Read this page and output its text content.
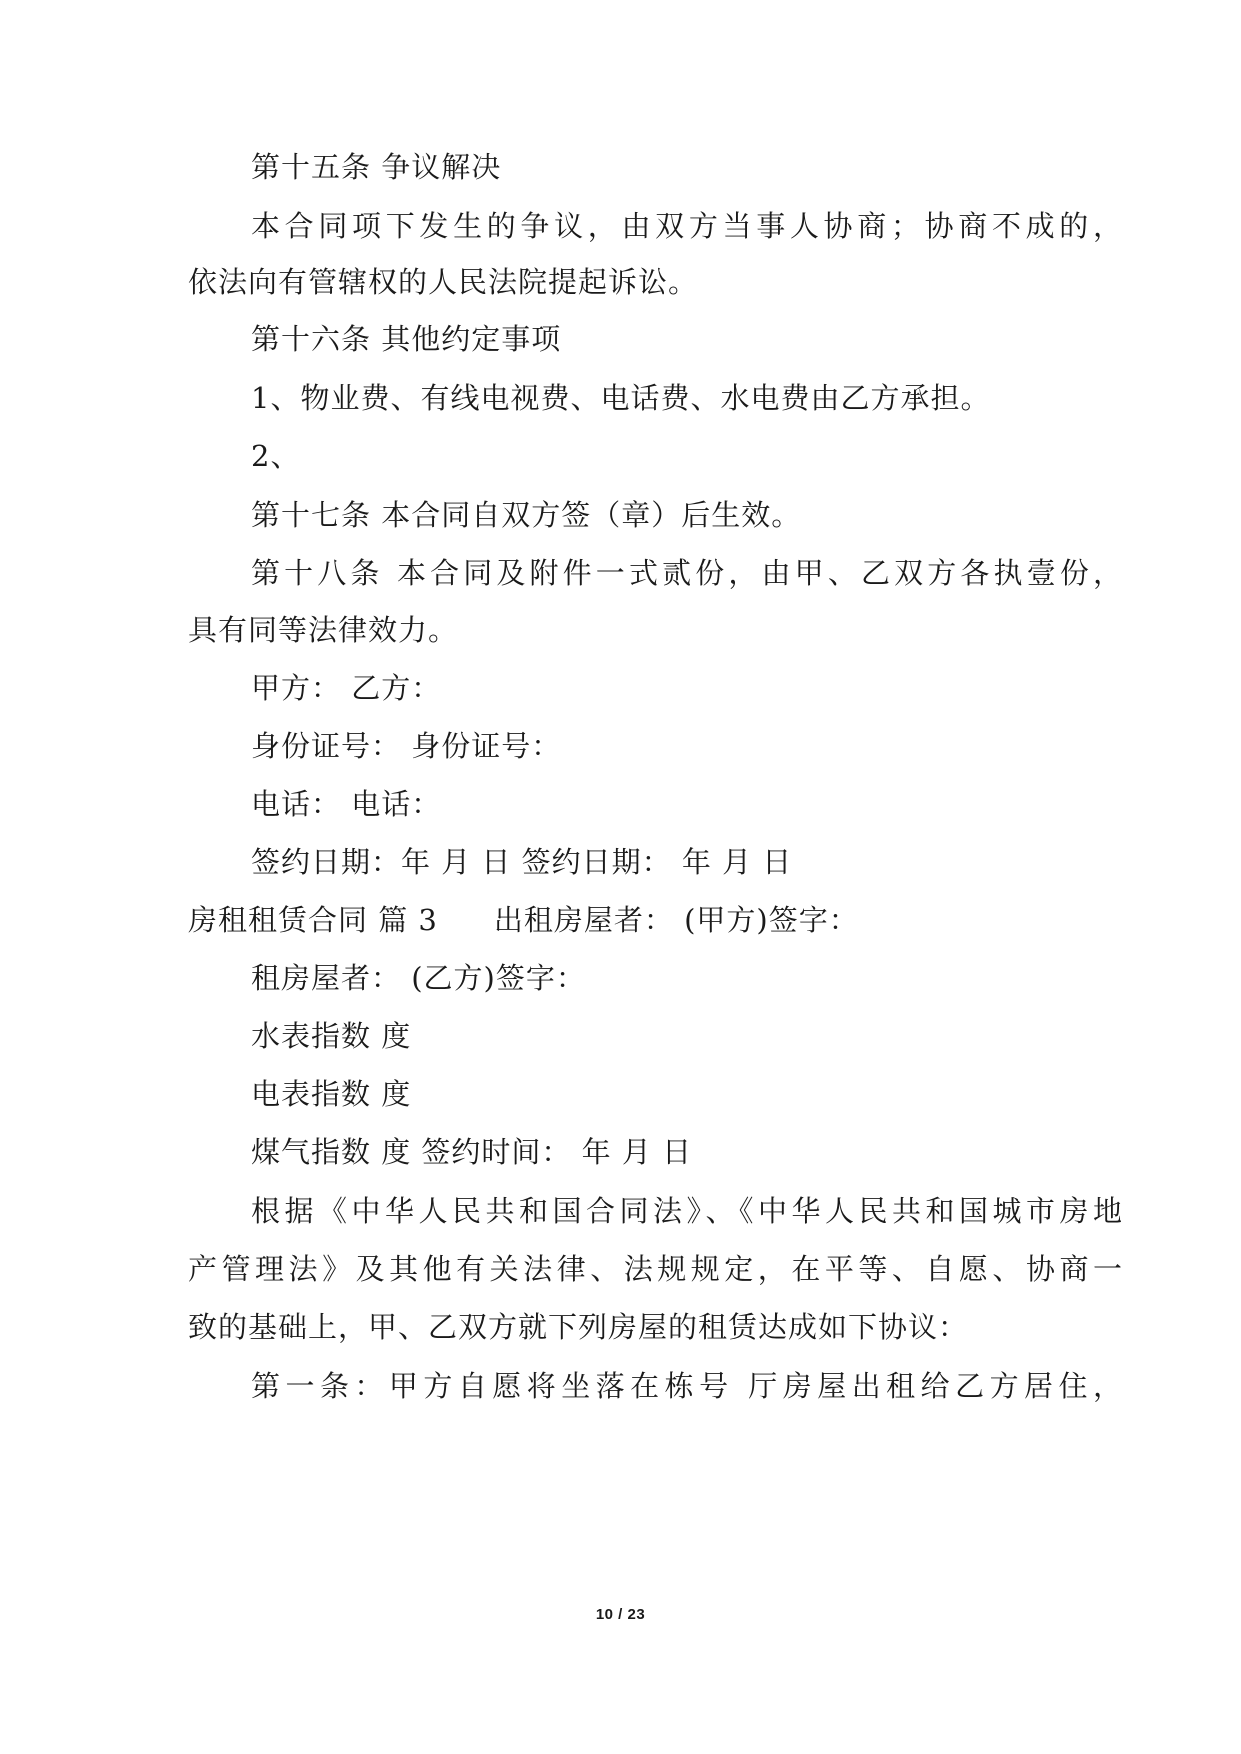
第十五条 争议解决
本合同项下发生的争议，由双方当事人协商；协商不成的，
依法向有管辖权的人民法院提起诉讼。
第十六条 其他约定事项
1、物业费、有线电视费、电话费、水电费由乙方承担。
2、
第十七条 本合同自双方签（章）后生效。
第十八条 本合同及附件一式贰份，由甲、乙双方各执壹份，
具有同等法律效力。
甲方： 乙方：
身份证号： 身份证号：
电话： 电话：
签约日期：年 月 日 签约日期： 年 月 日
房租租赁合同 篇 3 出租房屋者： (甲方)签字：
租房屋者： (乙方)签字：
水表指数 度
电表指数 度
煤气指数 度 签约时间： 年 月 日
根据《中华人民共和国合同法》、《中华人民共和国城市房地
产管理法》及其他有关法律、法规规定，在平等、自愿、协商一
致的基础上，甲、乙双方就下列房屋的租赁达成如下协议：
第一条：甲方自愿将坐落在栋号 厅房屋出租给乙方居住，
10 / 23
